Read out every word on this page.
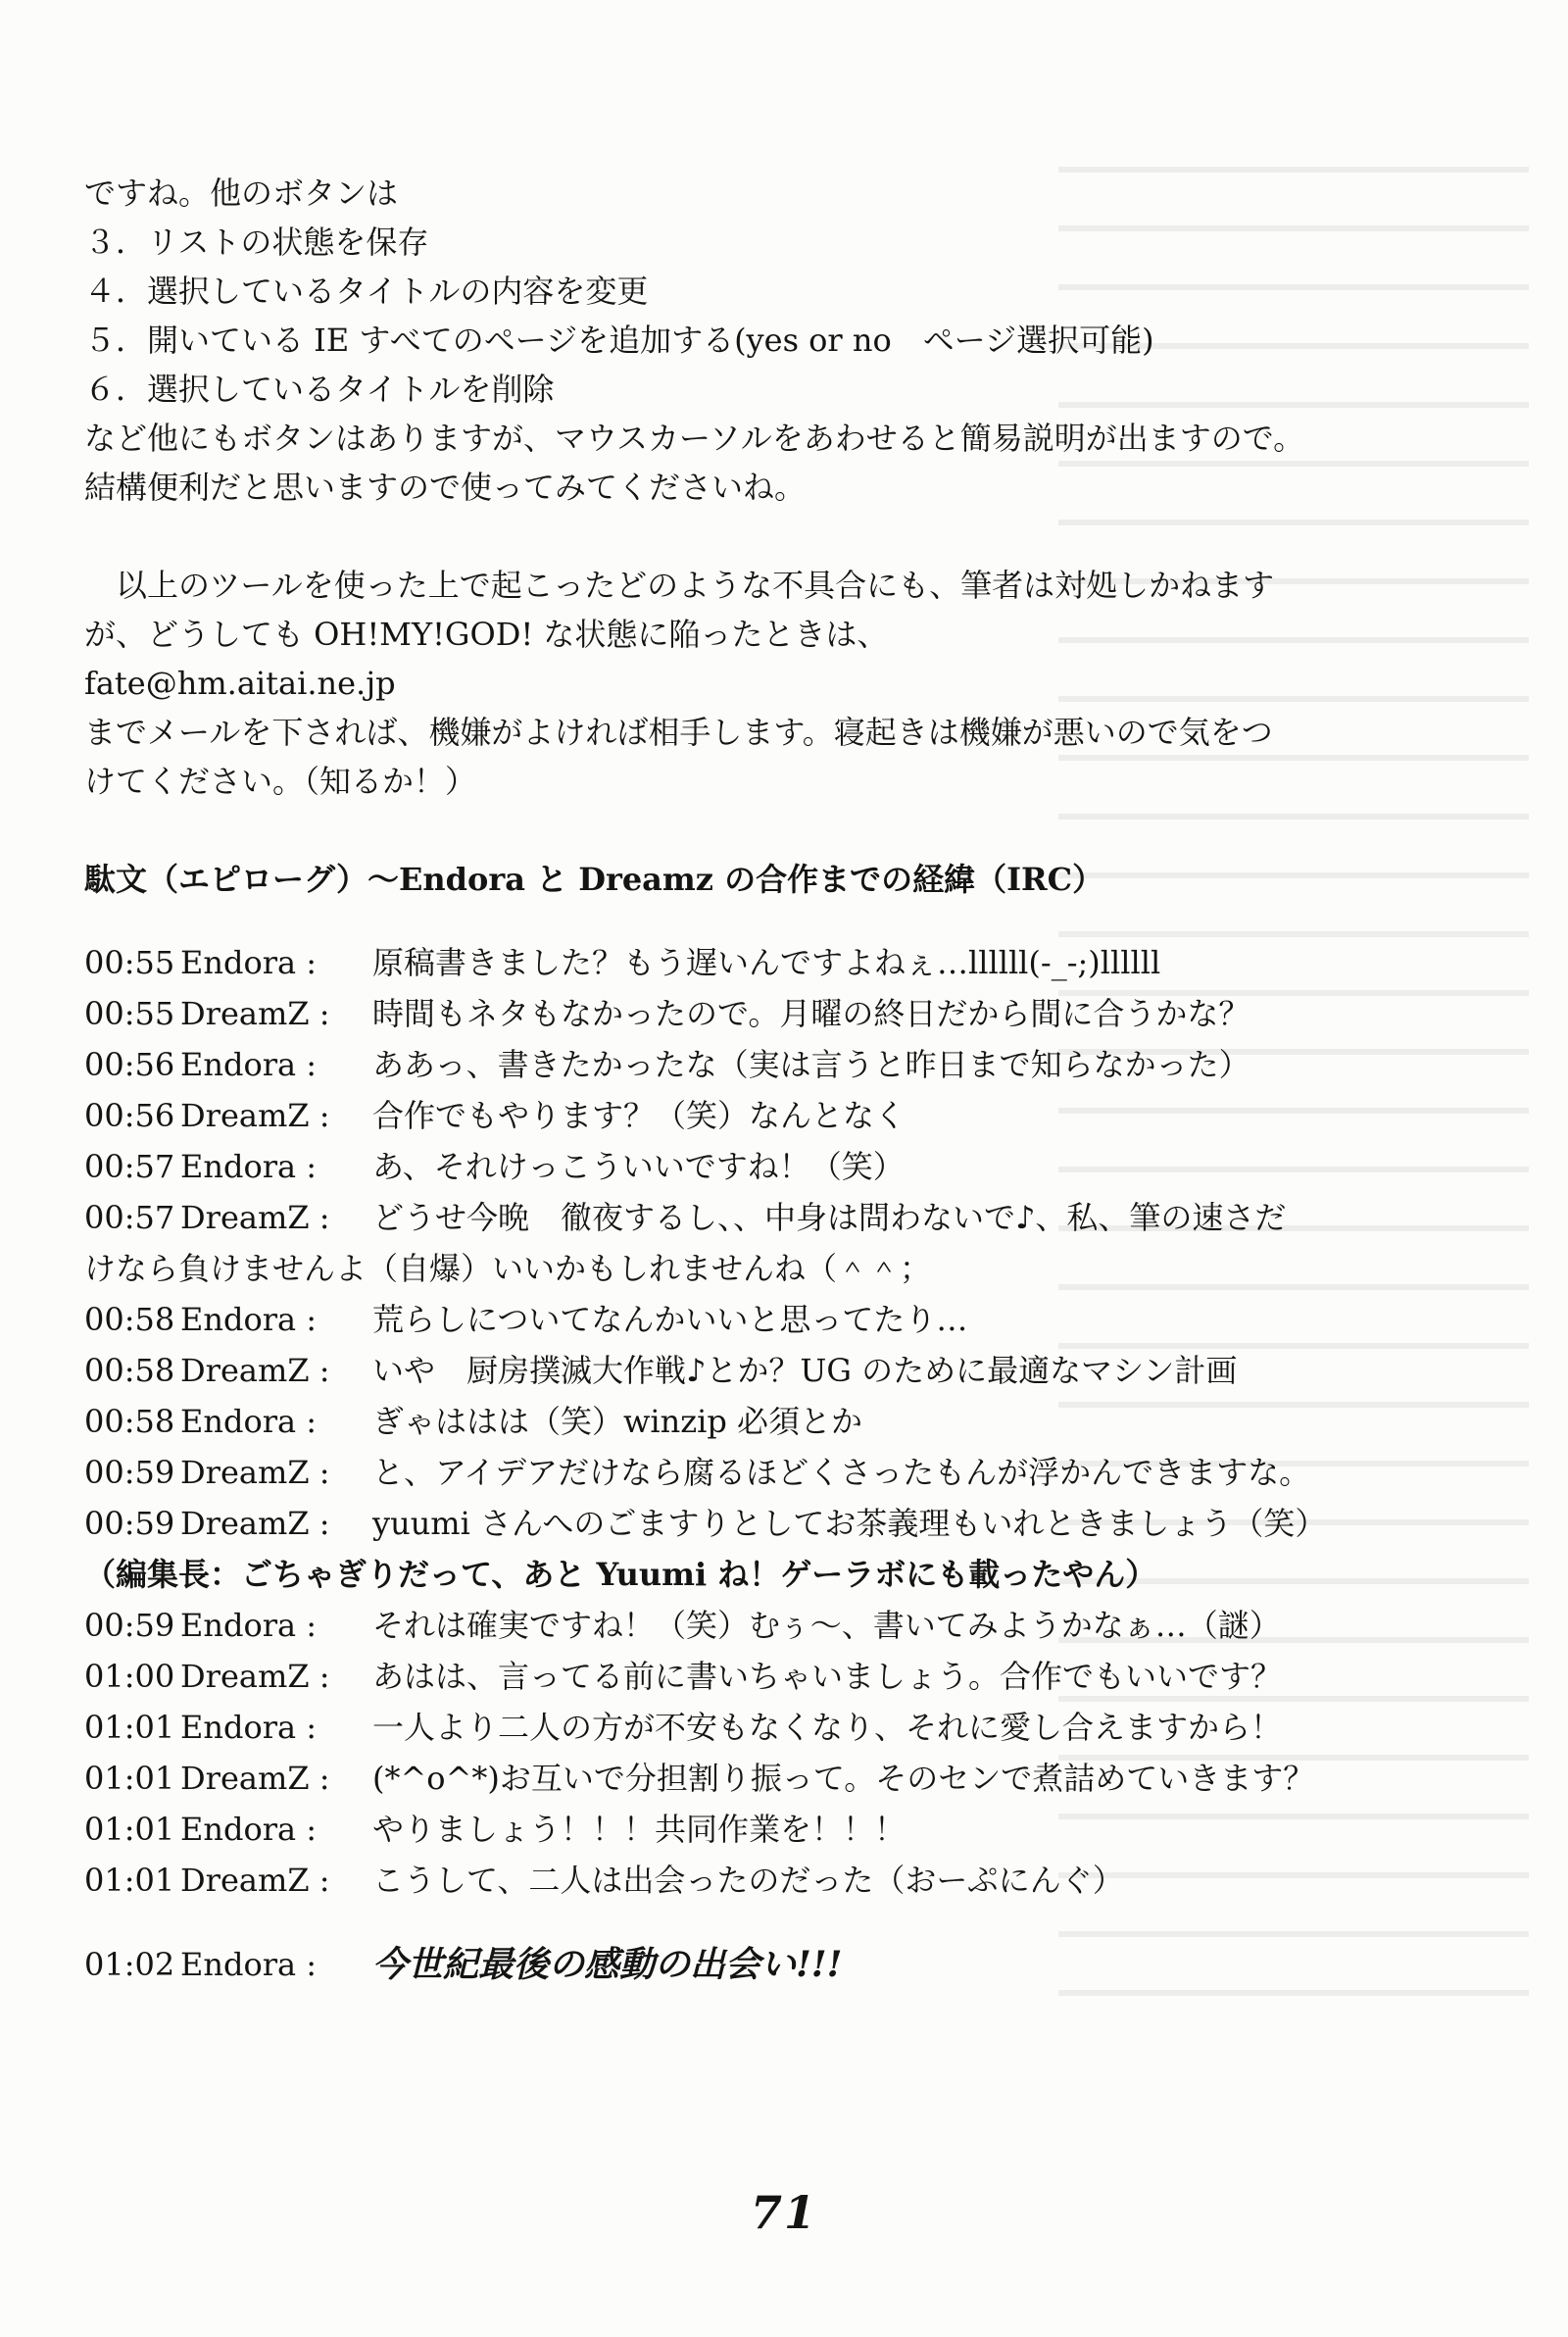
ですね。他のボタンは
３．リストの状態を保存
４．選択しているタイトルの内容を変更
５．開いている IE すべてのページを追加する(yes or no　ページ選択可能)
６．選択しているタイトルを削除
など他にもボタンはありますが、マウスカーソルをあわせると簡易説明が出ますので。
結構便利だと思いますので使ってみてくださいね。
　以上のツールを使った上で起こったどのような不具合にも、筆者は対処しかねます
が、どうしても OH!MY!GOD! な状態に陥ったときは、
fate@hm.aitai.ne.jp
までメールを下されば、機嫌がよければ相手します。寝起きは機嫌が悪いので気をつ
けてください。（知るか！）
駄文（エピローグ）～Endora と Dreamz の合作までの経緯（IRC）
00:55 Endora :	原稿書きました？もう遅いんですよねぇ…llllll(-_-;)llllll
00:55 DreamZ :	時間もネタもなかったので。月曜の終日だから間に合うかな？
00:56 Endora :	ああっ、書きたかったな（実は言うと昨日まで知らなかった）
00:56 DreamZ :	合作でもやります？（笑）なんとなく
00:57 Endora :	あ、それけっこういいですね！（笑）
00:57 DreamZ :	どうせ今晩　徹夜するし、、中身は問わないで♪、私、筆の速さだ
けなら負けませんよ（自爆）いいかもしれませんね（＾＾；
00:58 Endora :	荒らしについてなんかいいと思ってたり…
00:58 DreamZ :	いや　厨房撲滅大作戦♪とか？UG のために最適なマシン計画
00:58 Endora :	ぎゃははは（笑）winzip 必須とか
00:59 DreamZ :	と、アイデアだけなら腐るほどくさったもんが浮かんできますな。
00:59 DreamZ :	yuumi さんへのごますりとしてお茶義理もいれときましょう（笑）
（編集長：ごちゃぎりだって、あと Yuumi ね！ゲーラボにも載ったやん）
00:59 Endora :	それは確実ですね！（笑）むぅ～、書いてみようかなぁ…（謎）
01:00 DreamZ :	あはは、言ってる前に書いちゃいましょう。合作でもいいです？
01:01 Endora :	一人より二人の方が不安もなくなり、それに愛し合えますから！
01:01 DreamZ :	(*^o^*)お互いで分担割り振って。そのセンで煮詰めていきます？
01:01 Endora :	やりましょう！！！共同作業を！！！
01:01 DreamZ :	こうして、二人は出会ったのだった（おーぷにんぐ）
01:02 Endora :	今世紀最後の感動の出会い!!!
71
